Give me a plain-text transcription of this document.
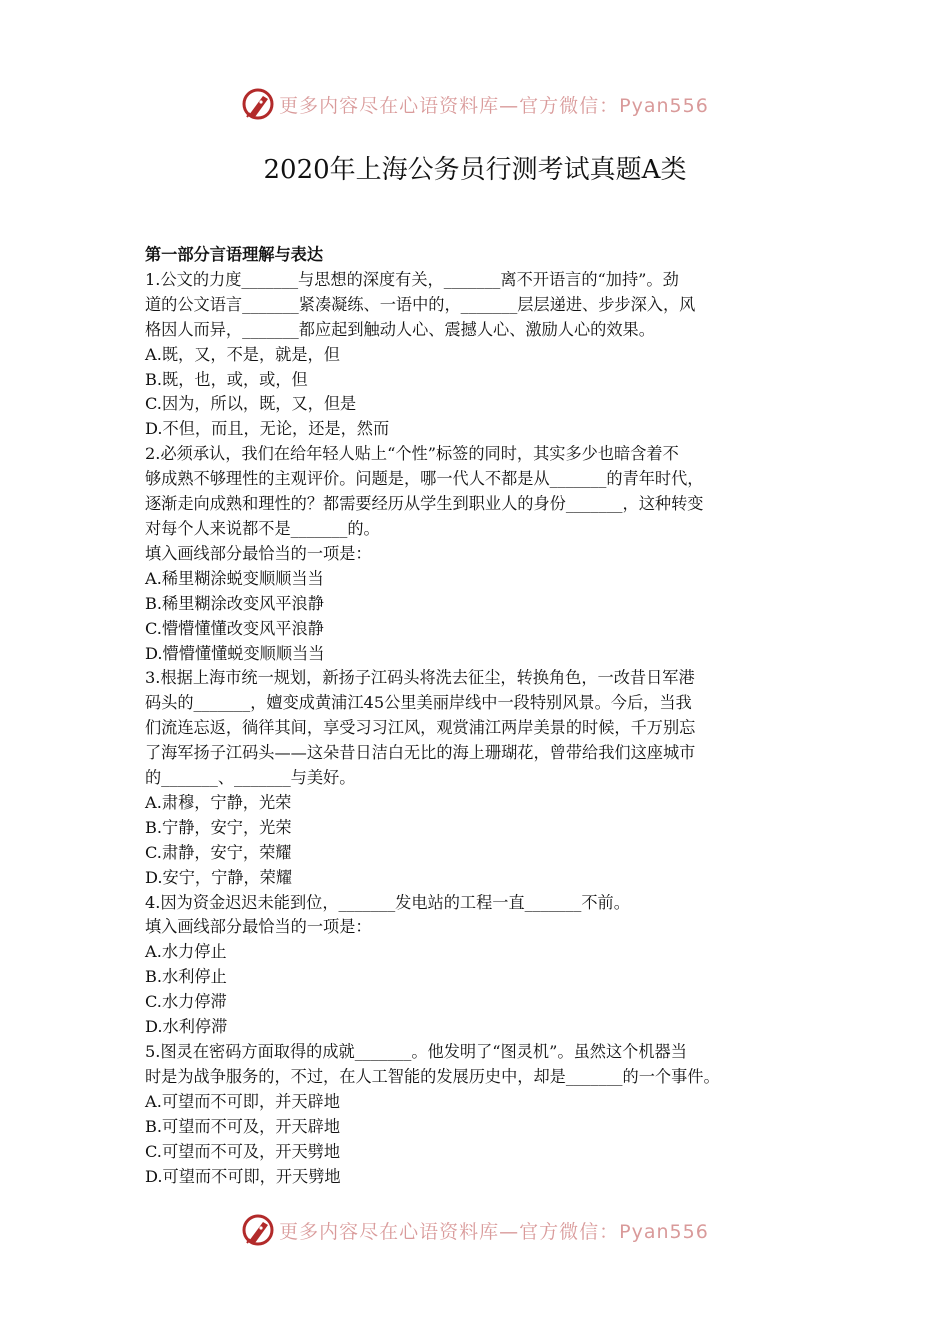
更多内容尽在心语资料库—官方微信：Pyan556
2020年上海公务员行测考试真题A类
第一部分言语理解与表达
1.公文的力度_______与思想的深度有关，_______离不开语言的“加持”。劲
道的公文语言_______紧凑凝练、一语中的，_______层层递进、步步深入，风
格因人而异，_______都应起到触动人心、震撼人心、激励人心的效果。
A.既，又，不是，就是，但
B.既，也，或，或，但
C.因为，所以，既，又，但是
D.不但，而且，无论，还是，然而
2.必须承认，我们在给年轻人贴上“个性”标签的同时，其实多少也暗含着不
够成熟不够理性的主观评价。问题是，哪一代人不都是从_______的青年时代，
逐渐走向成熟和理性的？都需要经历从学生到职业人的身份_______，这种转变
对每个人来说都不是_______的。
填入画线部分最恰当的一项是：
A.稀里糊涂蜕变顺顺当当
B.稀里糊涂改变风平浪静
C.懵懵懂懂改变风平浪静
D.懵懵懂懂蜕变顺顺当当
3.根据上海市统一规划，新扬子江码头将洗去征尘，转换角色，一改昔日军港
码头的_______，嬗变成黄浦江45公里美丽岸线中一段特别风景。今后，当我
们流连忘返，徜徉其间，享受习习江风，观赏浦江两岸美景的时候，千万别忘
了海军扬子江码头——这朵昔日洁白无比的海上珊瑚花，曾带给我们这座城市
的_______、_______与美好。
A.肃穆，宁静，光荣
B.宁静，安宁，光荣
C.肃静，安宁，荣耀
D.安宁，宁静，荣耀
4.因为资金迟迟未能到位，_______发电站的工程一直_______不前。
填入画线部分最恰当的一项是：
A.水力停止
B.水利停止
C.水力停滞
D.水利停滞
5.图灵在密码方面取得的成就_______。他发明了“图灵机”。虽然这个机器当
时是为战争服务的，不过，在人工智能的发展历史中，却是_______的一个事件。
A.可望而不可即，并天辟地
B.可望而不可及，开天辟地
C.可望而不可及，开天劈地
D.可望而不可即，开天劈地
更多内容尽在心语资料库—官方微信：Pyan556
